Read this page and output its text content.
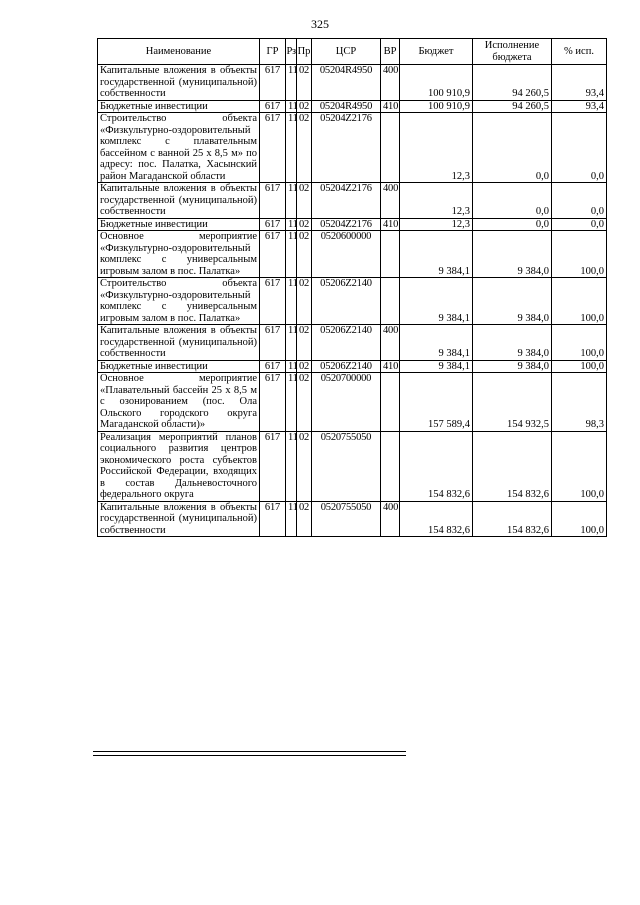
325
Наименование	ГР	Рз	Пр	ЦСР	ВР	Бюджет	Исполнение бюджета	% исп.
Капитальные вложения в объекты государственной (муниципальной) собственности	617	11	02	05204R4950	400	100 910,9	94 260,5	93,4
Бюджетные инвестиции	617	11	02	05204R4950	410	100 910,9	94 260,5	93,4
Строительство объекта «Физкультурно-оздоровительный комплекс с плавательным бассейном с ванной 25 х 8,5 м» по адресу: пос. Палатка, Хасынский район Магаданской области	617	11	02	05204Z2176		12,3	0,0	0,0
Капитальные вложения в объекты государственной (муниципальной) собственности	617	11	02	05204Z2176	400	12,3	0,0	0,0
Бюджетные инвестиции	617	11	02	05204Z2176	410	12,3	0,0	0,0
Основное мероприятие «Физкультурно-оздоровительный комплекс с универсальным игровым залом в пос. Палатка»	617	11	02	0520600000		9 384,1	9 384,0	100,0
Строительство объекта «Физкультурно-оздоровительный комплекс с универсальным игровым залом в пос. Палатка»	617	11	02	05206Z2140		9 384,1	9 384,0	100,0
Капитальные вложения в объекты государственной (муниципальной) собственности	617	11	02	05206Z2140	400	9 384,1	9 384,0	100,0
Бюджетные инвестиции	617	11	02	05206Z2140	410	9 384,1	9 384,0	100,0
Основное мероприятие «Плавательный бассейн 25 х 8,5 м с озонированием (пос. Ола Ольского городского округа Магаданской области)»	617	11	02	0520700000		157 589,4	154 932,5	98,3
Реализация мероприятий планов социального развития центров экономического роста субъектов Российской Федерации, входящих в состав Дальневосточного федерального округа	617	11	02	0520755050		154 832,6	154 832,6	100,0
Капитальные вложения в объекты государственной (муниципальной) собственности	617	11	02	0520755050	400	154 832,6	154 832,6	100,0
